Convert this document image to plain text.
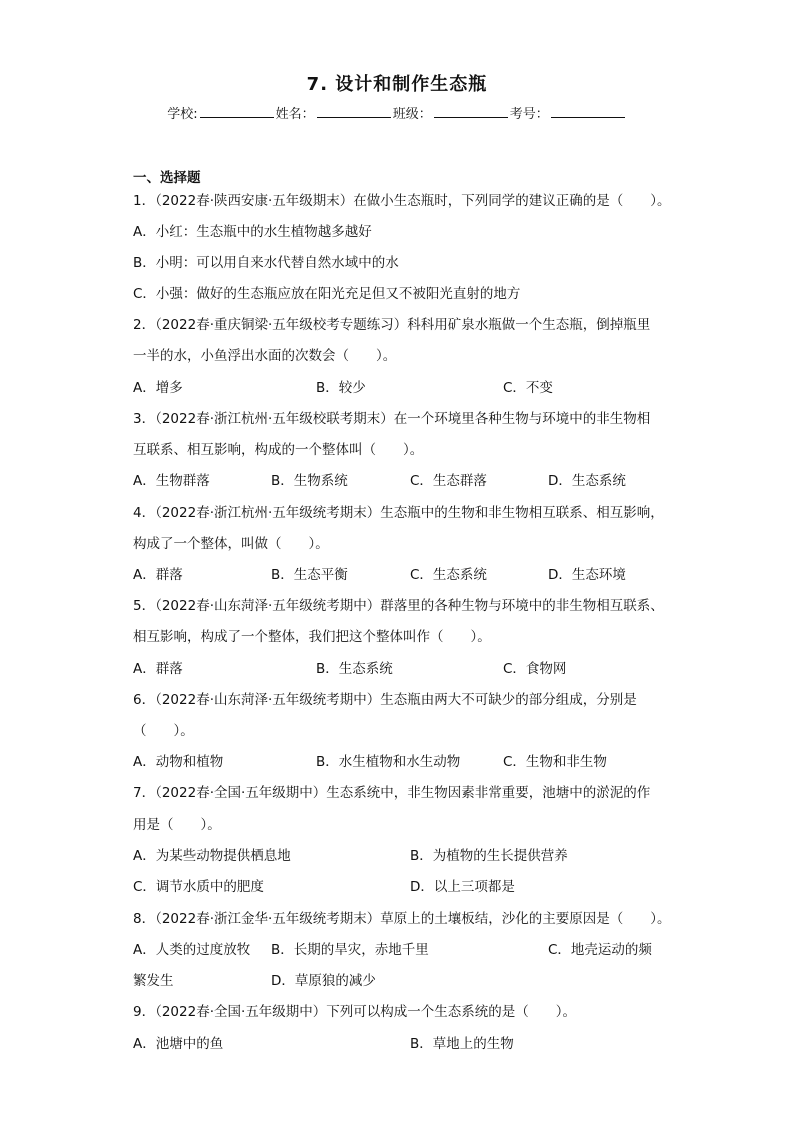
7. 设计和制作生态瓶
学校:	姓名：	班级：	考号：
一、选择题
1．（2022春·陕西安康·五年级期末）在做小生态瓶时，下列同学的建议正确的是（　　）。
A．小红：生态瓶中的水生植物越多越好
B．小明：可以用自来水代替自然水域中的水
C．小强：做好的生态瓶应放在阳光充足但又不被阳光直射的地方
2．（2022春·重庆铜梁·五年级校考专题练习）科科用矿泉水瓶做一个生态瓶，倒掉瓶里
一半的水，小鱼浮出水面的次数会（　　）。
A．增多	B．较少	C．不变
3．（2022春·浙江杭州·五年级校联考期末）在一个环境里各种生物与环境中的非生物相
互联系、相互影响，构成的一个整体叫（　　）。
A．生物群落	B．生物系统	C．生态群落	D．生态系统
4．（2022春·浙江杭州·五年级统考期末）生态瓶中的生物和非生物相互联系、相互影响，
构成了一个整体，叫做（　　）。
A．群落	B．生态平衡	C．生态系统	D．生态环境
5．（2022春·山东菏泽·五年级统考期中）群落里的各种生物与环境中的非生物相互联系、
相互影响，构成了一个整体，我们把这个整体叫作（　　）。
A．群落	B．生态系统	C．食物网
6．（2022春·山东菏泽·五年级统考期中）生态瓶由两大不可缺少的部分组成，分别是
（　　）。
A．动物和植物	B．水生植物和水生动物	C．生物和非生物
7．（2022春·全国·五年级期中）生态系统中，非生物因素非常重要，池塘中的淤泥的作
用是（　　）。
A．为某些动物提供栖息地	B．为植物的生长提供营养
C．调节水质中的肥度	D．以上三项都是
8．（2022春·浙江金华·五年级统考期末）草原上的土壤板结，沙化的主要原因是（　　）。
A．人类的过度放牧 B．长期的旱灾，赤地千里	C．地壳运动的频
繁发生	D．草原狼的减少
9．（2022春·全国·五年级期中）下列可以构成一个生态系统的是（　　）。
A．池塘中的鱼	B．草地上的生物
